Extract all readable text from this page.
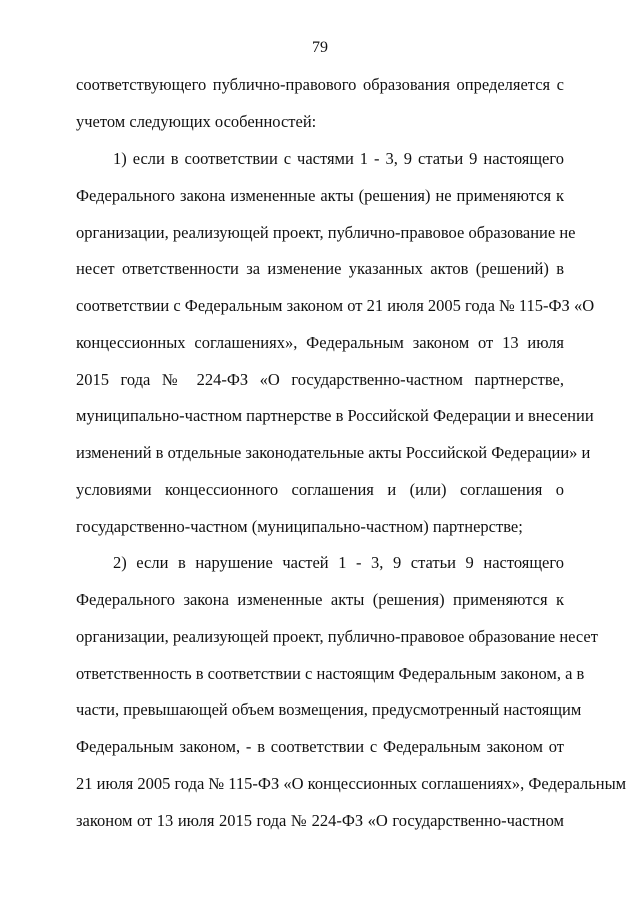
79
соответствующего публично-правового образования определяется с
учетом следующих особенностей:
1) если в соответствии с частями 1 - 3, 9 статьи 9 настоящего
Федерального закона измененные акты (решения) не применяются к
организации, реализующей проект, публично-правовое образование не
несет ответственности за изменение указанных актов (решений) в
соответствии с Федеральным законом от 21 июля 2005 года № 115-ФЗ «О
концессионных соглашениях», Федеральным законом от 13 июля
2015 года № 224-ФЗ «О государственно-частном партнерстве,
муниципально-частном партнерстве в Российской Федерации и внесении
изменений в отдельные законодательные акты Российской Федерации» и
условиями концессионного соглашения и (или) соглашения о
государственно-частном (муниципально-частном) партнерстве;
2) если в нарушение частей 1 - 3, 9 статьи 9 настоящего
Федерального закона измененные акты (решения) применяются к
организации, реализующей проект, публично-правовое образование несет
ответственность в соответствии с настоящим Федеральным законом, а в
части, превышающей объем возмещения, предусмотренный настоящим
Федеральным законом, - в соответствии с Федеральным законом от
21 июля 2005 года № 115-ФЗ «О концессионных соглашениях», Федеральным
законом от 13 июля 2015 года № 224-ФЗ «О государственно-частном
